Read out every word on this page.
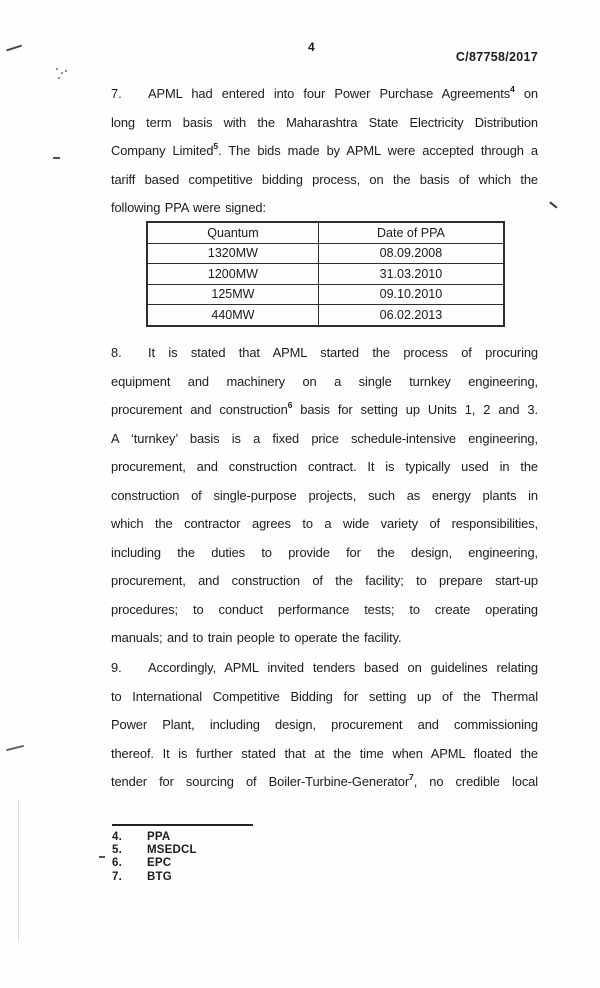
4
C/87758/2017
7. APML had entered into four Power Purchase Agreements$^4$ on
long term basis with the Maharashtra State Electricity Distribution
Company Limited$^5$. The bids made by APML were accepted through a
tariff based competitive bidding process, on the basis of which the
following PPA were signed:
Quantum	Date of PPA
1320MW	08.09.2008
1200MW	31.03.2010
125MW	09.10.2010
440MW	06.02.2013
8. It is stated that APML started the process of procuring
equipment and machinery on a single turnkey engineering,
procurement and construction$^6$ basis for setting up Units 1, 2 and 3.
A ‘turnkey’ basis is a fixed price schedule-intensive engineering,
procurement, and construction contract. It is typically used in the
construction of single-purpose projects, such as energy plants in
which the contractor agrees to a wide variety of responsibilities,
including the duties to provide for the design, engineering,
procurement, and construction of the facility; to prepare start-up
procedures; to conduct performance tests; to create operating
manuals; and to train people to operate the facility.
9. Accordingly, APML invited tenders based on guidelines relating
to International Competitive Bidding for setting up of the Thermal
Power Plant, including design, procurement and commissioning
thereof. It is further stated that at the time when APML floated the
tender for sourcing of Boiler-Turbine-Generator$^7$, no credible local
4. PPA
5. MSEDCL
6. EPC
7. BTG
